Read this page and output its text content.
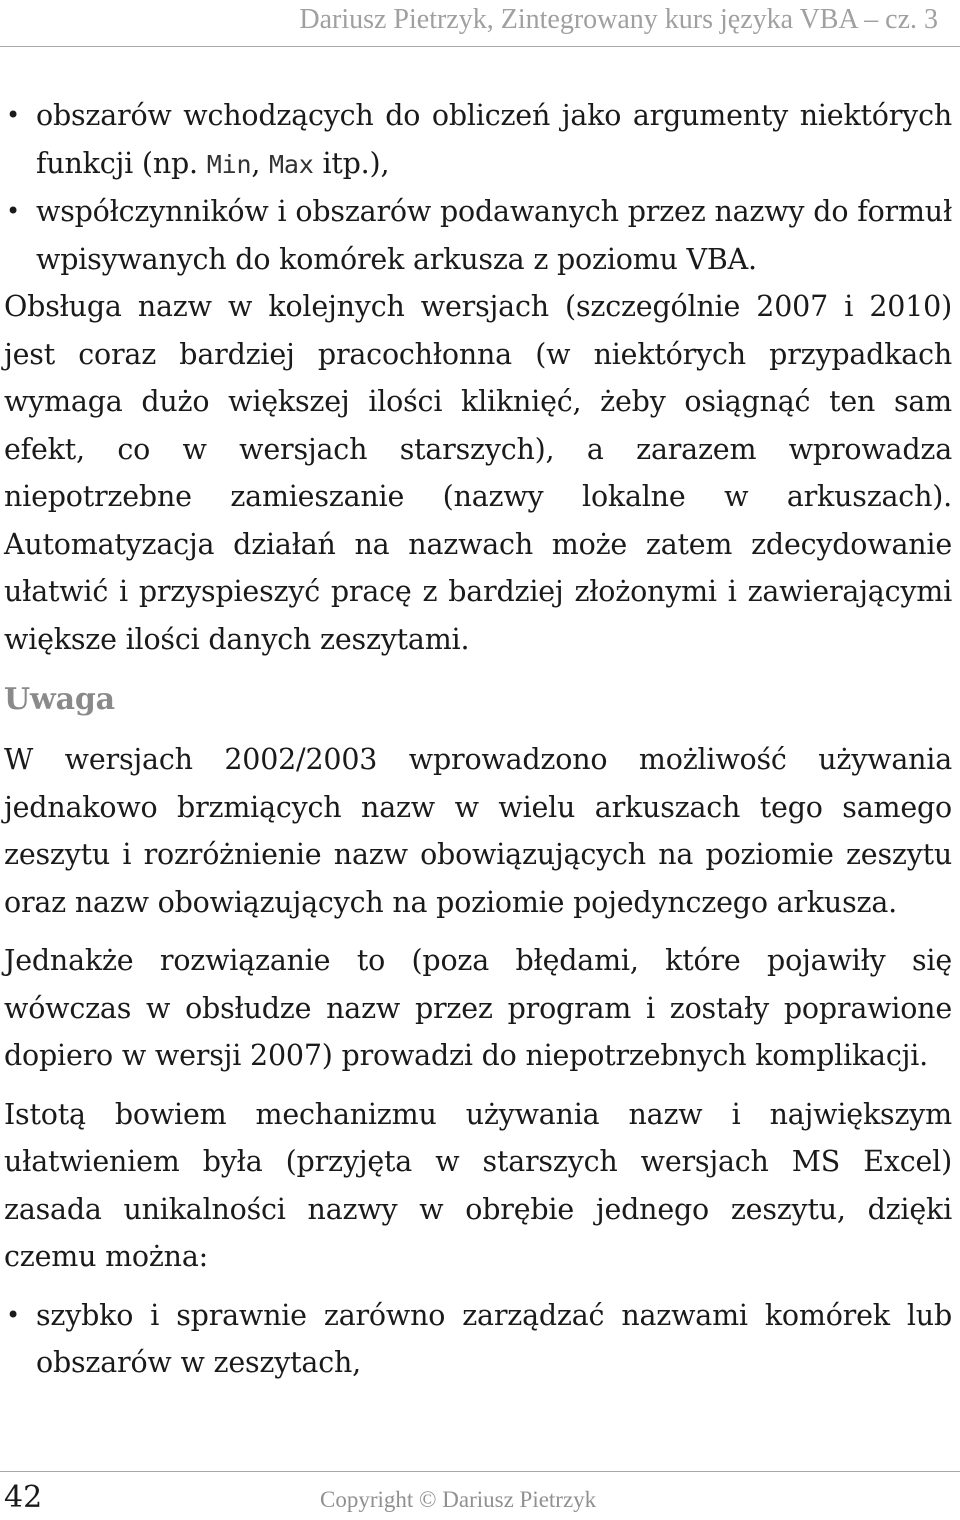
Dariusz Pietrzyk, Zintegrowany kurs języka VBA – cz. 3
• obszarów wchodzących do obliczeń jako argumenty niektórych funkcji (np. Min, Max itp.),
• współczynników i obszarów podawanych przez nazwy do formuł wpisywanych do komórek arkusza z poziomu VBA.

Obsługa nazw w kolejnych wersjach (szczególnie 2007 i 2010) jest coraz bardziej pracochłonna (w niektórych przypadkach wymaga dużo większej ilości kliknięć, żeby osiągnąć ten sam efekt, co w wersjach starszych), a zarazem wprowadza niepotrzebne zamieszanie (nazwy lokalne w arkuszach). Automatyzacja działań na nazwach może zatem zdecydowanie ułatwić i przyspieszyć pracę z bardziej złożonymi i zawierającymi większe ilości danych zeszytami.

Uwaga

W wersjach 2002/2003 wprowadzono możliwość używania jednakowo brzmiących nazw w wielu arkuszach tego samego zeszytu i rozróżnienie nazw obowiązujących na poziomie zeszytu oraz nazw obowiązujących na poziomie pojedynczego arkusza.

Jednakże rozwiązanie to (poza błędami, które pojawiły się wówczas w obsłudze nazw przez program i zostały poprawione dopiero w wersji 2007) prowadzi do niepotrzebnych komplikacji.

Istotą bowiem mechanizmu używania nazw i największym ułatwieniem była (przyjęta w starszych wersjach MS Excel) zasada unikalności nazwy w obrębie jednego zeszytu, dzięki czemu można:

• szybko i sprawnie zarówno zarządzać nazwami komórek lub obszarów w zeszytach,
42	Copyright © Dariusz Pietrzyk
